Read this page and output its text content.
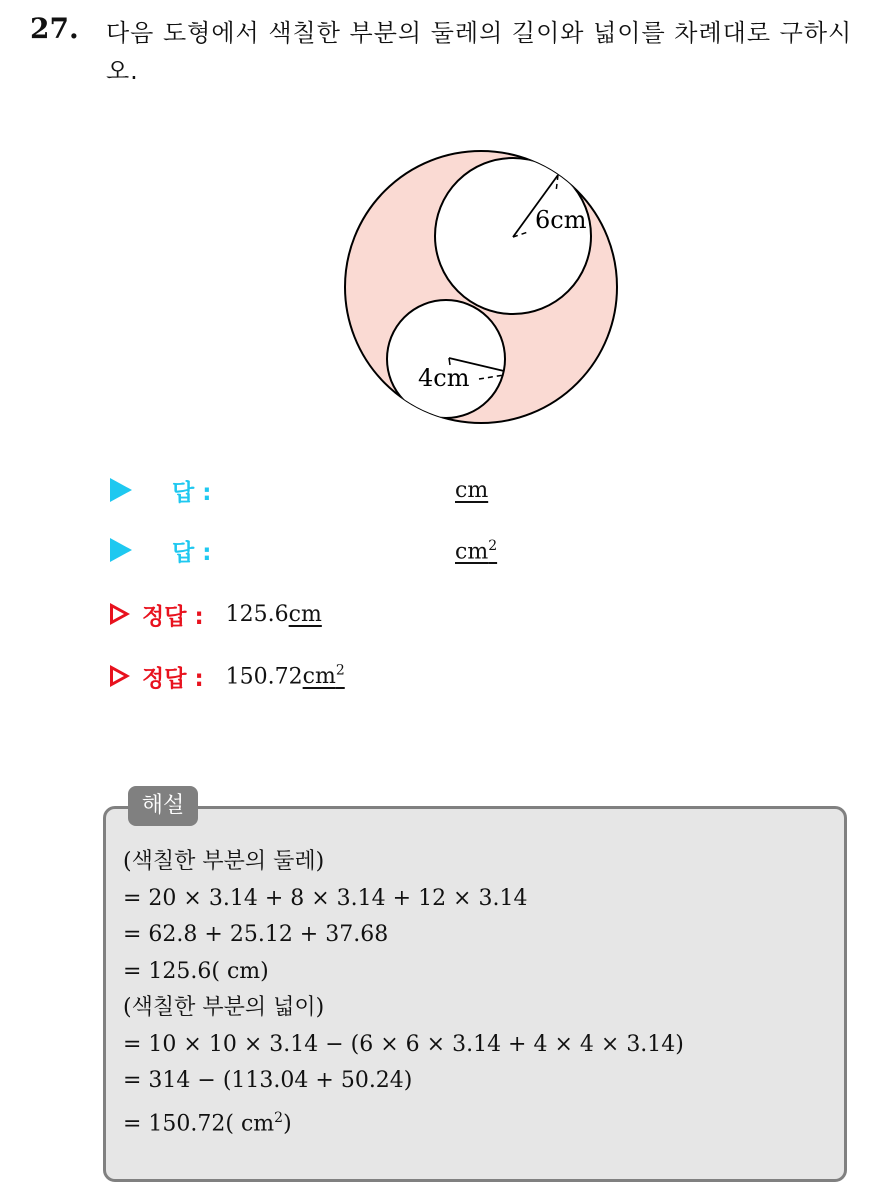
27. 다음 도형에서 색칠한 부분의 둘레의 길이와 넓이를 차례대로 구하시오.
6cm
4cm
답 :	cm
답 :	$cm^2$
정답 : 125.6cm
정답 : $150.72cm^2$
해설
(색칠한 부분의 둘레)
= 20 × 3.14 + 8 × 3.14 + 12 × 3.14
= 62.8 + 25.12 + 37.68
= 125.6( cm)
(색칠한 부분의 넓이)
= 10 × 10 × 3.14 − (6 × 6 × 3.14 + 4 × 4 × 3.14)
= 314 − (113.04 + 50.24)
= 150.72( $cm^2$)
